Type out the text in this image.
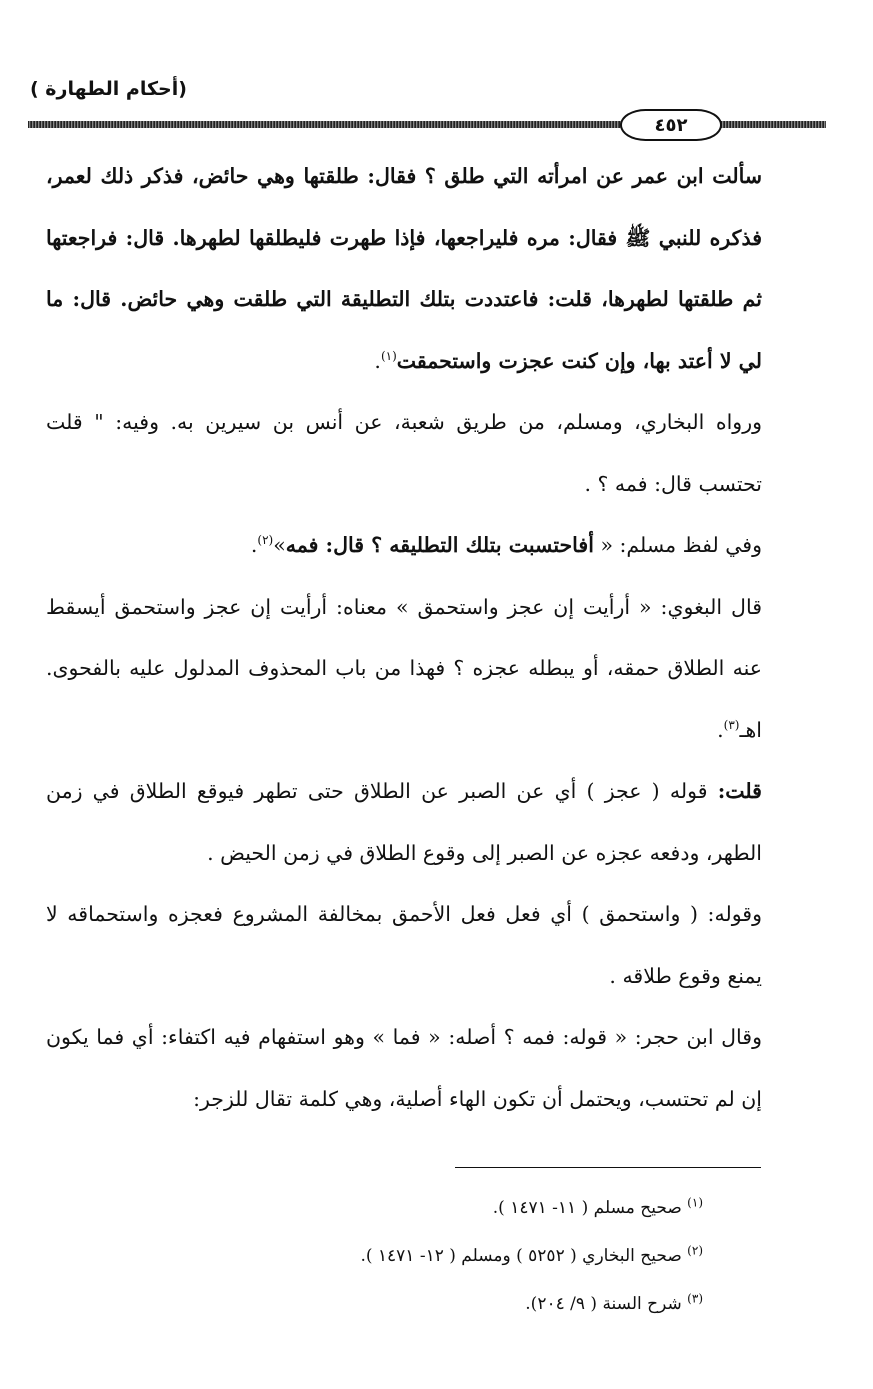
(أحكام الطهارة )
٤٥٢

سألت ابن عمر عن امرأته التي طلق ؟ فقال: طلقتها وهي حائض، فذكر ذلك لعمر، فذكره للنبي ﷺ فقال: مره فليراجعها، فإذا طهرت فليطلقها لطهرها. قال: فراجعتها ثم طلقتها لطهرها، قلت: فاعتددت بتلك التطليقة التي طلقت وهي حائض. قال: ما لي لا أعتد بها، وإن كنت عجزت واستحمقت$^{(١)}$.

ورواه البخاري، ومسلم، من طريق شعبة، عن أنس بن سيرين به. وفيه: " قلت تحتسب قال: فمه ؟ .

وفي لفظ مسلم: « أفاحتسبت بتلك التطليقه ؟ قال: فمه»$^{(٢)}$.

قال البغوي: « أرأيت إن عجز واستحمق » معناه: أرأيت إن عجز واستحمق أيسقط عنه الطلاق حمقه، أو يبطله عجزه ؟ فهذا من باب المحذوف المدلول عليه بالفحوى. اهـ$^{(٣)}$.

قلت: قوله ( عجز ) أي عن الصبر عن الطلاق حتى تطهر فيوقع الطلاق في زمن الطهر، ودفعه عجزه عن الصبر إلى وقوع الطلاق في زمن الحيض .

وقوله: ( واستحمق ) أي فعل فعل الأحمق بمخالفة المشروع فعجزه واستحماقه لا يمنع وقوع طلاقه .

وقال ابن حجر: « قوله: فمه ؟ أصله: « فما » وهو استفهام فيه اكتفاء: أي فما يكون إن لم تحتسب، ويحتمل أن تكون الهاء أصلية، وهي كلمة تقال للزجر:

$^{(١)}$ صحيح مسلم ( ١١- ١٤٧١ ).
$^{(٢)}$ صحيح البخاري ( ٥٢٥٢ ) ومسلم ( ١٢- ١٤٧١ ).
$^{(٣)}$ شرح السنة ( ٩/ ٢٠٤).
